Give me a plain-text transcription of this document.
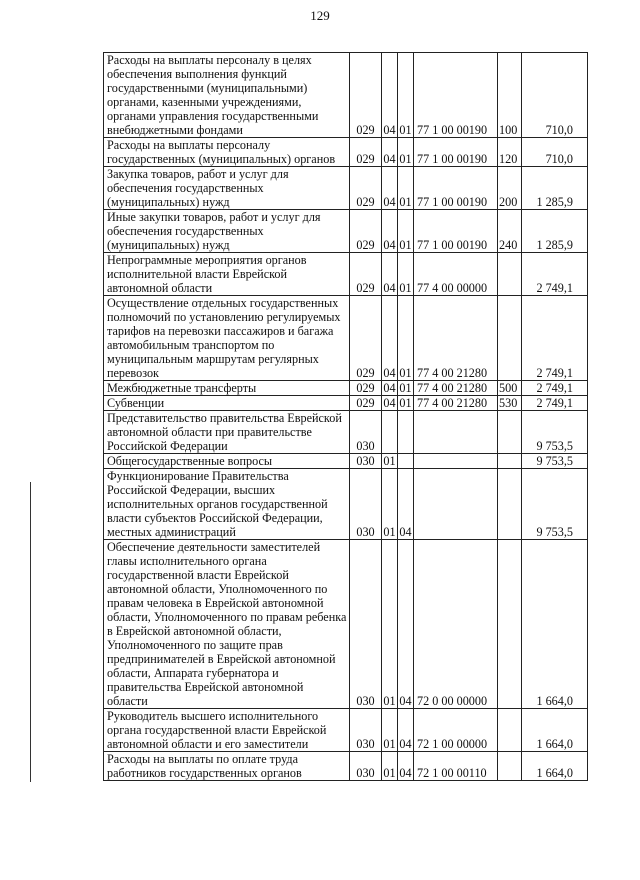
129
Расходы на выплаты персоналу в целях обеспечения выполнения функций государственными (муниципальными) органами, казенными учреждениями, органами управления государственными внебюджетными фондами	029	04	01	77 1 00 00190	100	710,0
Расходы на выплаты персоналу государственных (муниципальных) органов	029	04	01	77 1 00 00190	120	710,0
Закупка товаров, работ и услуг для обеспечения государственных (муниципальных) нужд	029	04	01	77 1 00 00190	200	1 285,9
Иные закупки товаров, работ и услуг для обеспечения государственных (муниципальных) нужд	029	04	01	77 1 00 00190	240	1 285,9
Непрограммные мероприятия органов исполнительной власти Еврейской автономной области	029	04	01	77 4 00 00000		2 749,1
Осуществление отдельных государственных полномочий по установлению регулируемых тарифов на перевозки пассажиров и багажа автомобильным транспортом по муниципальным маршрутам регулярных перевозок	029	04	01	77 4 00 21280		2 749,1
Межбюджетные трансферты	029	04	01	77 4 00 21280	500	2 749,1
Субвенции	029	04	01	77 4 00 21280	530	2 749,1
Представительство правительства Еврейской автономной области при правительстве Российской Федерации	030					9 753,5
Общегосударственные вопросы	030	01				9 753,5
Функционирование Правительства Российской Федерации, высших исполнительных органов государственной власти субъектов Российской Федерации, местных администраций	030	01	04			9 753,5
Обеспечение деятельности заместителей главы исполнительного органа государственной власти Еврейской автономной области, Уполномоченного по правам человека в Еврейской автономной области, Уполномоченного по правам ребенка в Еврейской автономной области, Уполномоченного по защите прав предпринимателей в Еврейской автономной области, Аппарата губернатора и правительства Еврейской автономной области	030	01	04	72 0 00 00000		1 664,0
Руководитель высшего исполнительного органа государственной власти Еврейской автономной области и его заместители	030	01	04	72 1 00 00000		1 664,0
Расходы на выплаты по оплате труда работников государственных органов	030	01	04	72 1 00 00110		1 664,0
